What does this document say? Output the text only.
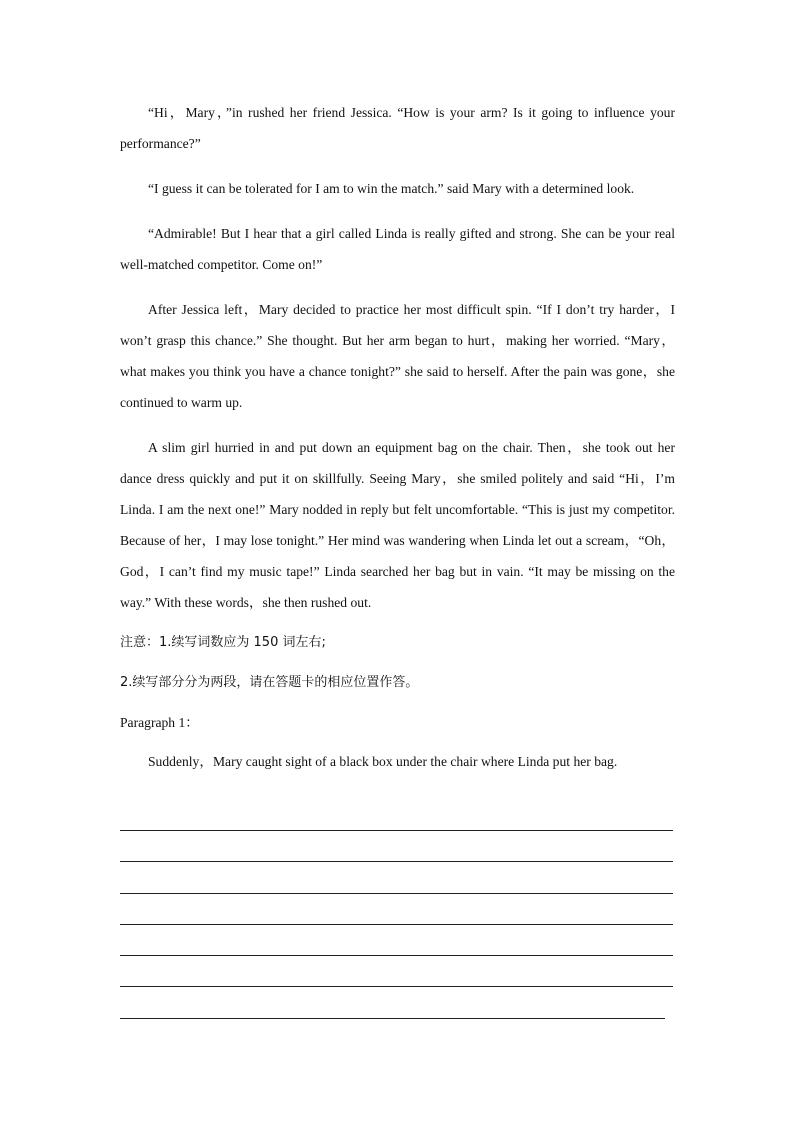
“Hi，Mary，”in rushed her friend Jessica. “How is your arm? Is it going to influence your performance?”

“I guess it can be tolerated for I am to win the match.” said Mary with a determined look.

“Admirable! But I hear that a girl called Linda is really gifted and strong. She can be your real well-matched competitor. Come on!”

After Jessica left，Mary decided to practice her most difficult spin. “If I don’t try harder，I won’t grasp this chance.” She thought. But her arm began to hurt，making her worried. “Mary，what makes you think you have a chance tonight?” she said to herself. After the pain was gone，she continued to warm up.

A slim girl hurried in and put down an equipment bag on the chair. Then，she took out her dance dress quickly and put it on skillfully. Seeing Mary，she smiled politely and said “Hi，I’m Linda. I am the next one!” Mary nodded in reply but felt uncomfortable. “This is just my competitor. Because of her，I may lose tonight.” Her mind was wandering when Linda let out a scream，“Oh，God，I can’t find my music tape!” Linda searched her bag but in vain. “It may be missing on the way.” With these words，she then rushed out.

注意：1.续写词数应为 150 词左右;

2.续写部分分为两段，请在答题卡的相应位置作答。

Paragraph 1：

Suddenly，Mary caught sight of a black box under the chair where Linda put her bag.
